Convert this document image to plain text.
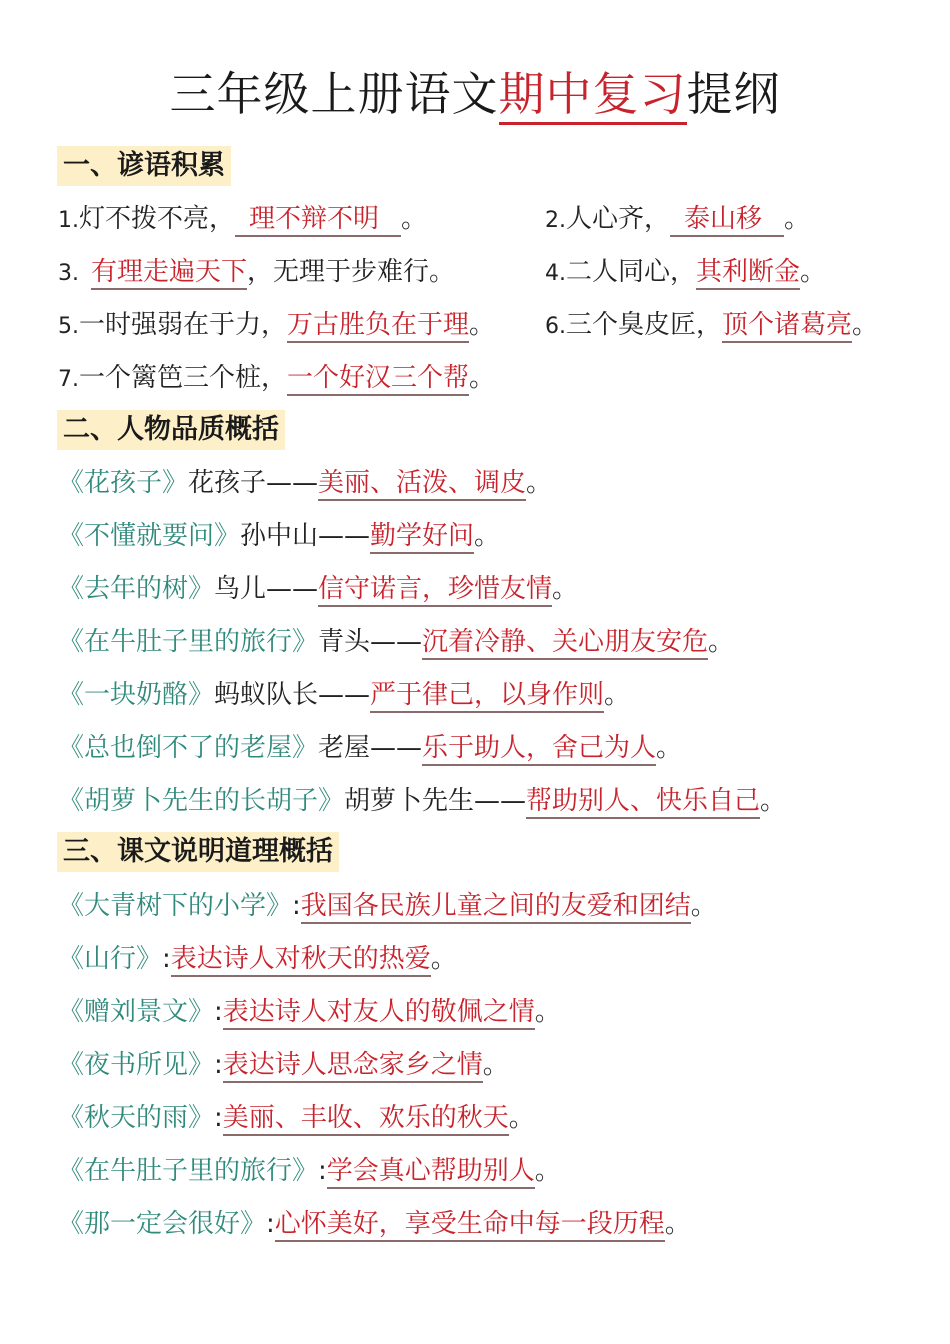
三年级上册语文期中复习提纲
一、谚语积累
1.灯不拨不亮， 理不辩不明 。	2.人心齐， 泰山移 。
3. 有理走遍天下，无理于步难行。	4.二人同心，其利断金。
5.一时强弱在于力，万古胜负在于理。 6.三个臭皮匠，顶个诸葛亮。
7.一个篱笆三个桩，一个好汉三个帮。
二、人物品质概括
《花孩子》花孩子——美丽、活泼、调皮。
《不懂就要问》孙中山——勤学好问。
《去年的树》鸟儿——信守诺言，珍惜友情。
《在牛肚子里的旅行》青头——沉着冷静、关心朋友安危。
《一块奶酪》蚂蚁队长——严于律己，以身作则。
《总也倒不了的老屋》老屋——乐于助人，舍己为人。
《胡萝卜先生的长胡子》胡萝卜先生——帮助别人、快乐自己。
三、课文说明道理概括
《大青树下的小学》:我国各民族儿童之间的友爱和团结。
《山行》:表达诗人对秋天的热爱。
《赠刘景文》:表达诗人对友人的敬佩之情。
《夜书所见》:表达诗人思念家乡之情。
《秋天的雨》:美丽、丰收、欢乐的秋天。
《在牛肚子里的旅行》:学会真心帮助别人。
《那一定会很好》:心怀美好，享受生命中每一段历程。
